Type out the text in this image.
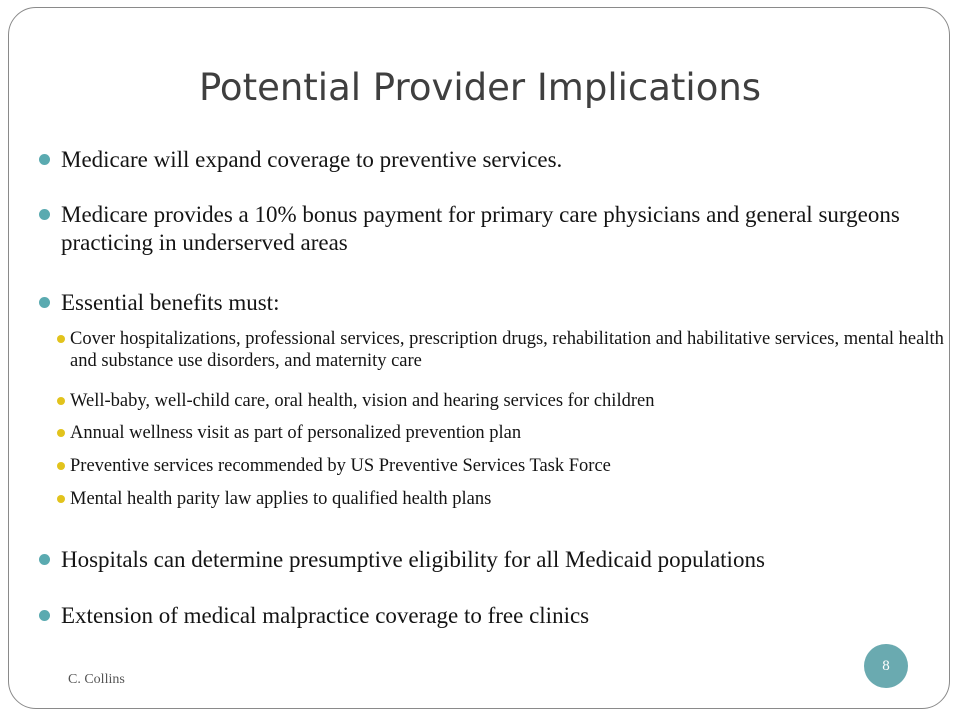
Potential Provider Implications
Medicare will expand coverage to preventive services.
Medicare provides a 10% bonus payment for primary care physicians and general surgeons practicing in underserved areas
Essential benefits must:
Cover hospitalizations, professional services, prescription drugs, rehabilitation and habilitative services, mental health and substance use disorders, and maternity care
Well-baby, well-child care, oral health, vision and hearing services for children
Annual wellness visit as part of personalized prevention plan
Preventive services recommended by US Preventive Services Task Force
Mental health parity law applies to qualified health plans
Hospitals can determine presumptive eligibility for all Medicaid populations
Extension of medical malpractice coverage to free clinics
C. Collins
8
